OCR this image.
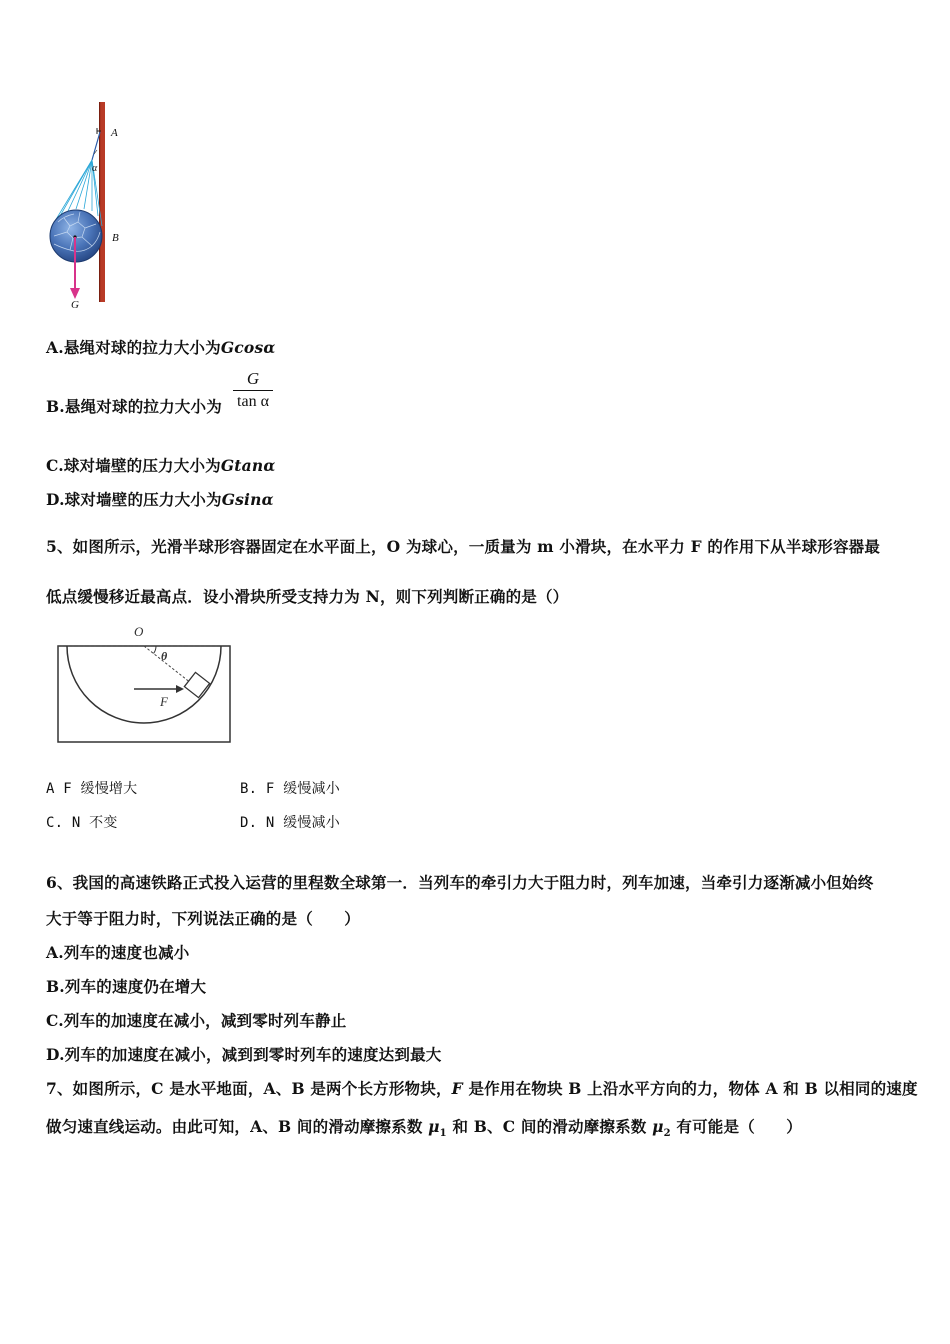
A
α
B
G
A.悬绳对球的拉力大小为Gcosα
B.悬绳对球的拉力大小为
G
tan α
C.球对墙壁的压力大小为Gtanα
D.球对墙壁的压力大小为Gsinα
5、如图所示，光滑半球形容器固定在水平面上，O 为球心，一质量为 m 小滑块，在水平力 F 的作用下从半球形容器最
低点缓慢移近最高点．设小滑块所受支持力为 N，则下列判断正确的是（）
O
θ
F
A F 缓慢增大	B. F 缓慢减小
C. N 不变	D. N 缓慢减小
6、我国的高速铁路正式投入运营的里程数全球第一．当列车的牵引力大于阻力时，列车加速，当牵引力逐渐减小但始终
大于等于阻力时，下列说法正确的是（　　）
A.列车的速度也减小
B.列车的速度仍在增大
C.列车的加速度在减小，减到零时列车静止
D.列车的加速度在减小，减到到零时列车的速度达到最大
7、如图所示，C 是水平地面，A、B 是两个长方形物块，F 是作用在物块 B 上沿水平方向的力，物体 A 和 B 以相同的速度
做匀速直线运动。由此可知，A、B 间的滑动摩擦系数 $\mu_1$ 和 B、C 间的滑动摩擦系数 $\mu_2$ 有可能是（　　）
